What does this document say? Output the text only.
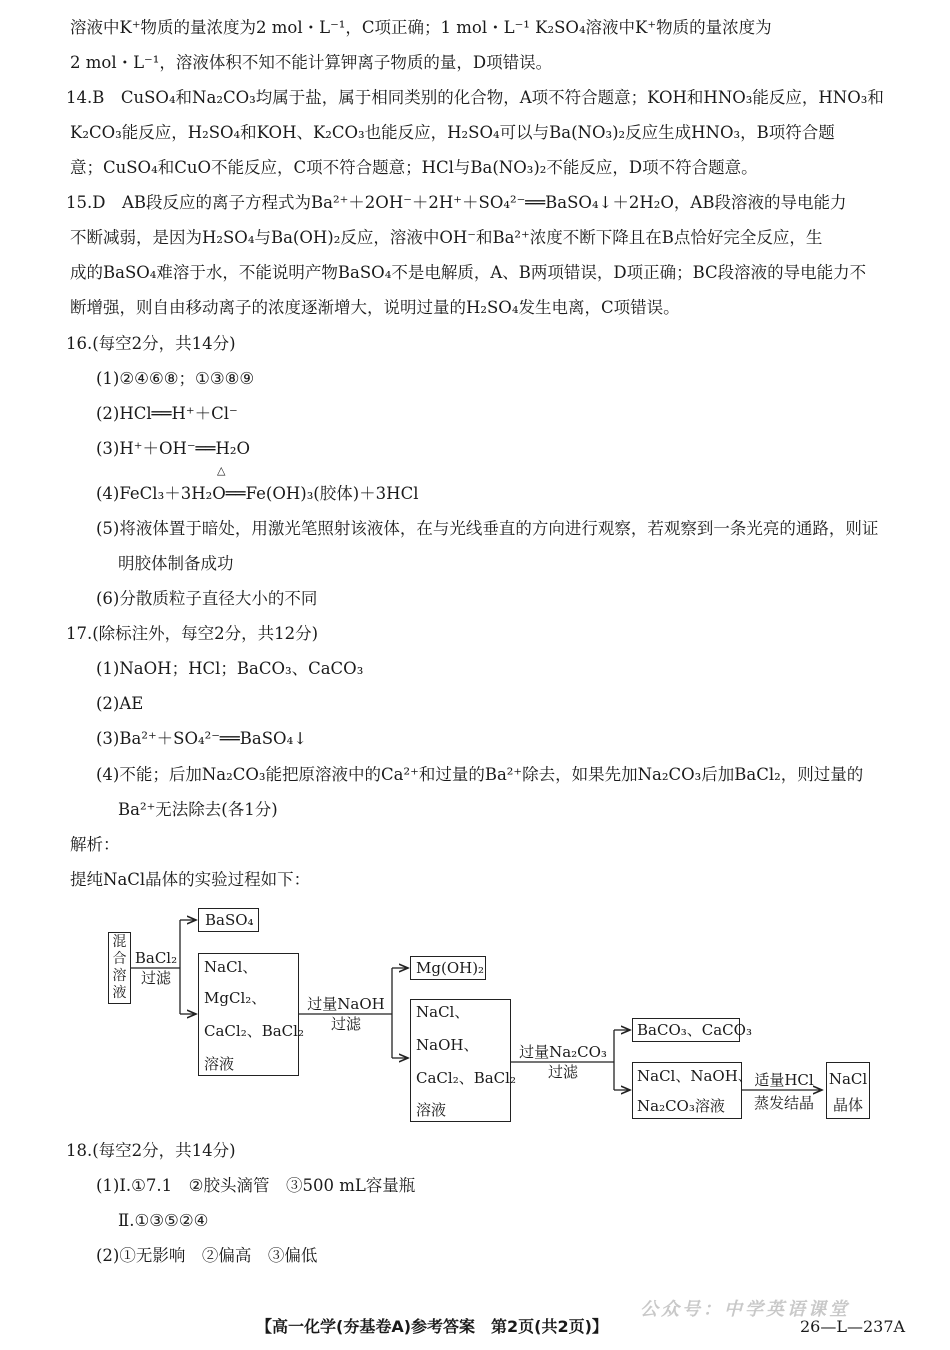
溶液中K⁺物质的量浓度为2 mol・L⁻¹，C项正确；1 mol・L⁻¹ K₂SO₄溶液中K⁺物质的量浓度为
2 mol・L⁻¹，溶液体积不知不能计算钾离子物质的量，D项错误。
14.B　CuSO₄和Na₂CO₃均属于盐，属于相同类别的化合物，A项不符合题意；KOH和HNO₃能反应，HNO₃和
K₂CO₃能反应，H₂SO₄和KOH、K₂CO₃也能反应，H₂SO₄可以与Ba(NO₃)₂反应生成HNO₃，B项符合题
意；CuSO₄和CuO不能反应，C项不符合题意；HCl与Ba(NO₃)₂不能反应，D项不符合题意。
15.D　AB段反应的离子方程式为Ba²⁺＋2OH⁻＋2H⁺＋SO₄²⁻══BaSO₄↓＋2H₂O，AB段溶液的导电能力
不断减弱，是因为H₂SO₄与Ba(OH)₂反应，溶液中OH⁻和Ba²⁺浓度不断下降且在B点恰好完全反应，生
成的BaSO₄难溶于水，不能说明产物BaSO₄不是电解质，A、B两项错误，D项正确；BC段溶液的导电能力不
断增强，则自由移动离子的浓度逐渐增大，说明过量的H₂SO₄发生电离，C项错误。
16.(每空2分，共14分)
(1)②④⑥⑧；①③⑧⑨
(2)HCl══H⁺＋Cl⁻
(3)H⁺＋OH⁻══H₂O
△
(4)FeCl₃＋3H₂O══Fe(OH)₃(胶体)＋3HCl
(5)将液体置于暗处，用激光笔照射该液体，在与光线垂直的方向进行观察，若观察到一条光亮的通路，则证
明胶体制备成功
(6)分散质粒子直径大小的不同
17.(除标注外，每空2分，共12分)
(1)NaOH；HCl；BaCO₃、CaCO₃
(2)AE
(3)Ba²⁺＋SO₄²⁻══BaSO₄↓
(4)不能；后加Na₂CO₃能把原溶液中的Ca²⁺和过量的Ba²⁺除去，如果先加Na₂CO₃后加BaCl₂，则过量的
Ba²⁺无法除去(各1分)
解析：
提纯NaCl晶体的实验过程如下：
混
合
溶
液
BaCl₂
过滤
BaSO₄
NaCl、
MgCl₂、
CaCl₂、BaCl₂
溶液
过量NaOH
过滤
Mg(OH)₂
NaCl、
NaOH、
CaCl₂、BaCl₂
溶液
过量Na₂CO₃
过滤
BaCO₃、CaCO₃
NaCl、NaOH、
Na₂CO₃溶液
适量HCl
蒸发结晶
NaCl
晶体
18.(每空2分，共14分)
(1)Ⅰ.①7.1　②胶头滴管　③500 mL容量瓶
Ⅱ.①③⑤②④
(2)①无影响　②偏高　③偏低
公众号：中学英语课堂
【高一化学(夯基卷A)参考答案　第2页(共2页)】	26—L—237A
